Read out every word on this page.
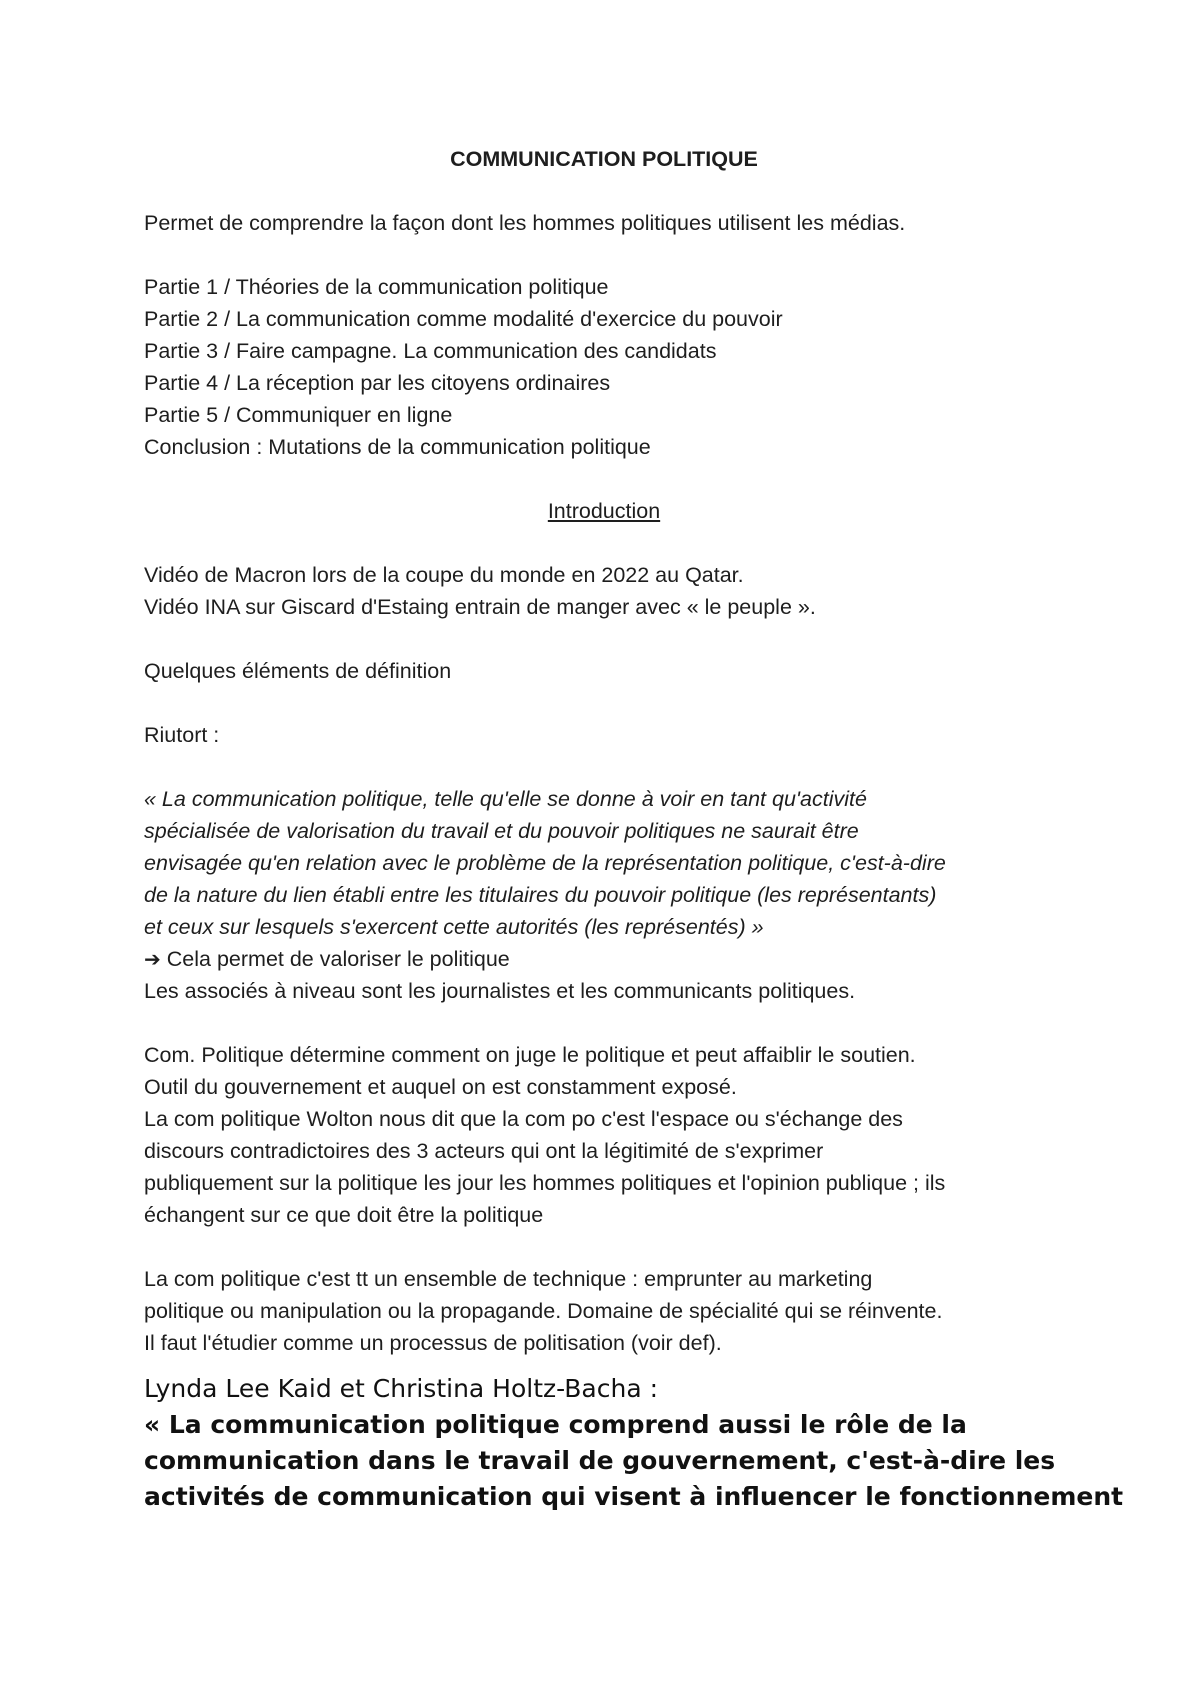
COMMUNICATION POLITIQUE
Permet de comprendre la façon dont les hommes politiques utilisent les médias.
Partie 1 / Théories de la communication politique
Partie 2 / La communication comme modalité d'exercice du pouvoir
Partie 3 / Faire campagne. La communication des candidats
Partie 4 / La réception par les citoyens ordinaires
Partie 5 / Communiquer en ligne
Conclusion : Mutations de la communication politique
Introduction
Vidéo de Macron lors de la coupe du monde en 2022 au Qatar.
Vidéo INA sur Giscard d'Estaing entrain de manger avec « le peuple ».
Quelques éléments de définition
Riutort :
« La communication politique, telle qu'elle se donne à voir en tant qu'activité
spécialisée de valorisation du travail et du pouvoir politiques ne saurait être
envisagée qu'en relation avec le problème de la représentation politique, c'est-à-dire
de la nature du lien établi entre les titulaires du pouvoir politique (les représentants)
et ceux sur lesquels s'exercent cette autorités (les représentés) »
➔ Cela permet de valoriser le politique
Les associés à niveau sont les journalistes et les communicants politiques.
Com. Politique détermine comment on juge le politique et peut affaiblir le soutien.
Outil du gouvernement et auquel on est constamment exposé.
La com politique Wolton nous dit que la com po c'est l'espace ou s'échange des
discours contradictoires des 3 acteurs qui ont la légitimité de s'exprimer
publiquement sur la politique les jour les hommes politiques et l'opinion publique ; ils
échangent sur ce que doit être la politique
La com politique c'est tt un ensemble de technique : emprunter au marketing
politique ou manipulation ou la propagande. Domaine de spécialité qui se réinvente.
Il faut l'étudier comme un processus de politisation (voir def).
Lynda Lee Kaid et Christina Holtz-Bacha :
« La communication politique comprend aussi le rôle de la
communication dans le travail de gouvernement, c'est-à-dire les
activités de communication qui visent à influencer le fonctionnement
